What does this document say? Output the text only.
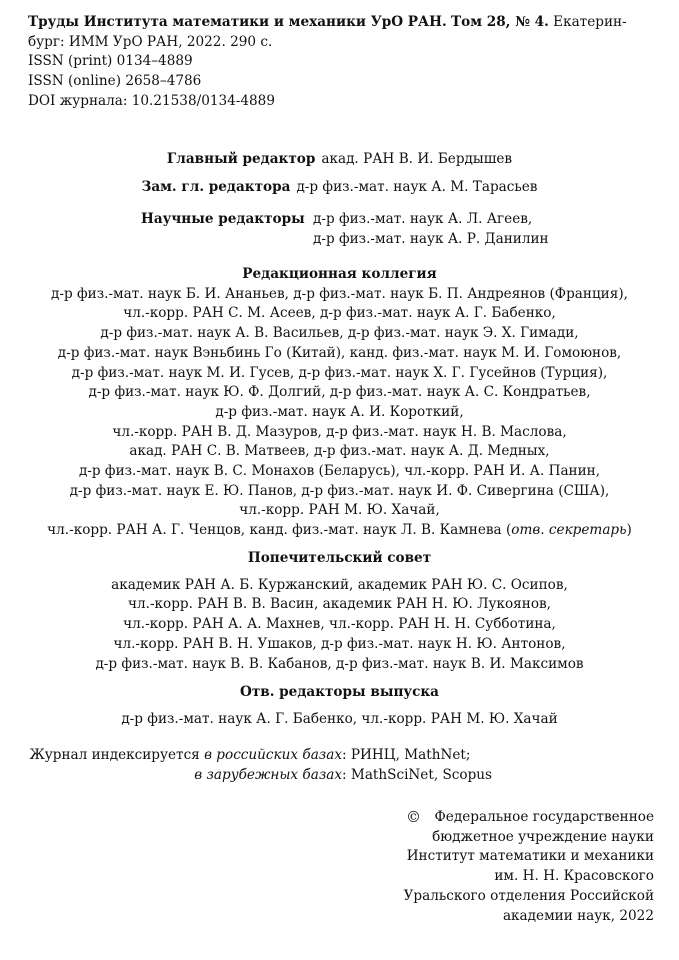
Труды Института математики и механики УрО РАН. Том 28, № 4. Екатерин-
бург: ИММ УрО РАН, 2022. 290 с.
ISSN (print) 0134–4889
ISSN (online) 2658–4786
DOI журнала: 10.21538/0134-4889
Главный редактор акад. РАН В. И. Бердышев
Зам. гл. редактора д-р физ.-мат. наук А. М. Тарасьев
Научные редакторы д-р физ.-мат. наук А. Л. Агеев,
д-р физ.-мат. наук А. Р. Данилин
Редакционная коллегия
д-р физ.-мат. наук Б. И. Ананьев, д-р физ.-мат. наук Б. П. Андреянов (Франция),
чл.-корр. РАН С. М. Асеев, д-р физ.-мат. наук А. Г. Бабенко,
д-р физ.-мат. наук А. В. Васильев, д-р физ.-мат. наук Э. Х. Гимади,
д-р физ.-мат. наук Вэньбинь Го (Китай), канд. физ.-мат. наук М. И. Гомоюнов,
д-р физ.-мат. наук М. И. Гусев, д-р физ.-мат. наук Х. Г. Гусейнов (Турция),
д-р физ.-мат. наук Ю. Ф. Долгий, д-р физ.-мат. наук А. С. Кондратьев,
д-р физ.-мат. наук А. И. Короткий,
чл.-корр. РАН В. Д. Мазуров, д-р физ.-мат. наук Н. В. Маслова,
акад. РАН С. В. Матвеев, д-р физ.-мат. наук А. Д. Медных,
д-р физ.-мат. наук В. С. Монахов (Беларусь), чл.-корр. РАН И. А. Панин,
д-р физ.-мат. наук Е. Ю. Панов, д-р физ.-мат. наук И. Ф. Сивергина (США),
чл.-корр. РАН М. Ю. Хачай,
чл.-корр. РАН А. Г. Ченцов, канд. физ.-мат. наук Л. В. Камнева (отв. секретарь)
Попечительский совет
академик РАН А. Б. Куржанский, академик РАН Ю. С. Осипов,
чл.-корр. РАН В. В. Васин, академик РАН Н. Ю. Лукоянов,
чл.-корр. РАН А. А. Махнев, чл.-корр. РАН Н. Н. Субботина,
чл.-корр. РАН В. Н. Ушаков, д-р физ.-мат. наук Н. Ю. Антонов,
д-р физ.-мат. наук В. В. Кабанов, д-р физ.-мат. наук В. И. Максимов
Отв. редакторы выпуска
д-р физ.-мат. наук А. Г. Бабенко, чл.-корр. РАН М. Ю. Хачай
Журнал индексируется в российских базах : РИНЦ, MathNet;
в зарубежных базах : MathSciNet, Scopus
© Федеральное государственное
бюджетное учреждение науки
Институт математики и механики
им. Н. Н. Красовского
Уральского отделения Российской
академии наук, 2022
